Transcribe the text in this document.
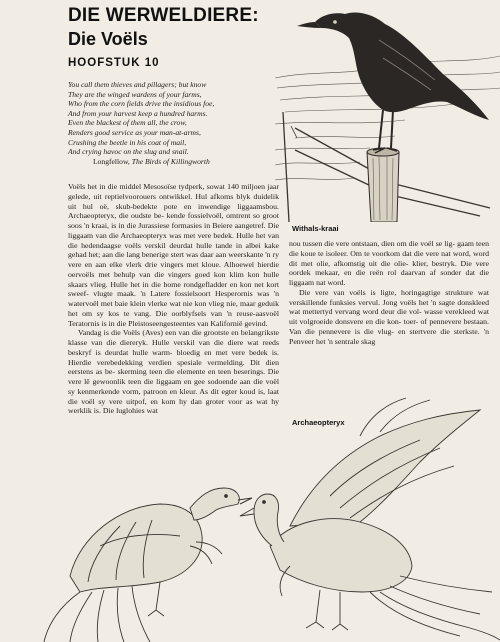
DIE WERWELDIERE:
Die Voëls
HOOFSTUK 10
You call them thieves and pillagers; but know
They are the winged wardens of your farms,
Who from the corn fields drive the insidious foe,
And from your harvest keep a hundred harms.
Even the blackest of them all, the crow,
Renders good service as your man-at-arms,
Crushing the beetle in his coat of mail,
And crying havoc on the slug and snail.
Longfellow, The Birds of Killingworth
Withals-kraai

Voëls het in die middel Mesosoïse tydperk, sowat 140 miljoen jaar gelede, uit reptielvoorouers ontwikkel. Hul afkoms blyk duidelik uit hul oë, skub-bedekte pote en inwendige liggaamsbou. Archaeopteryx, die oudste be- kende fossielvoël, omtrent so groot soos 'n kraai, is in die Jurassiese formasies in Beiere aangetref. Die liggaam van die Archaeopteryx was met vere bedek. Hulle het van die hedendaagse voëls verskil deurdat hulle tande in albei kake gehad het; aan die lang benerige stert was daar aan weerskante 'n ry vere en aan elke vlerk drie vingers met kloue. Alhoewel hierdie oervoëls met behulp van die vingers goed kon klim kon hulle skaars vlieg. Hulle het in die bome rondgefladder en kon net kort sweef- vlugte maak. 'n Latere fossielsoort Hesperornis was 'n watervoël met baie klein vlerke wat nie kon vlieg nie, maar geduik het om sy kos te vang. Die oorblyfsels van 'n reuse-aasvoël Teratornis is in die Pleistoseengesteentes van Kalifornië gevind.

Vandag is die Voëls (Aves) een van die grootste en belangrikste klasse van die diereryk. Hulle verskil van die diere wat reeds beskryf is deurdat hulle warm- bloedig en met vere bedek is. Hierdie verebedekking verdien spesiale vermelding. Dit dien eerstens as be- skerming teen die elemente en teen beserings. Die vere lê gewoonlik teen die liggaam en gee sodoende aan die voël sy kenmerkende vorm, patroon en kleur. As dit egter koud is, laat die voël sy vere uitpof, en kom hy dan groter voor as wat hy werklik is. Die luglohies wat

nou tussen die vere ontstaan, dien om die voël se lig- gaam teen die koue te isoleer. Om te voorkom dat die vere nat word, word dit met olie, afkomstig uit die olie- klier, bestryk. Die vere oordek mekaar, en die reën rol daarvan af sonder dat die liggaam nat word.

Die vere van voëls is ligte, horingagtige strukture wat verskillende funksies vervul. Jong voëls het 'n sagte donskleed wat mettertyd vervang word deur die vol- wasse verekleed wat uit volgroeide donsvere en die kon- toer- of pennevere bestaan. Van die pennevere is die vlug- en stertvere die sterkste. 'n Penveer het 'n sentrale skag

Archaeopteryx
